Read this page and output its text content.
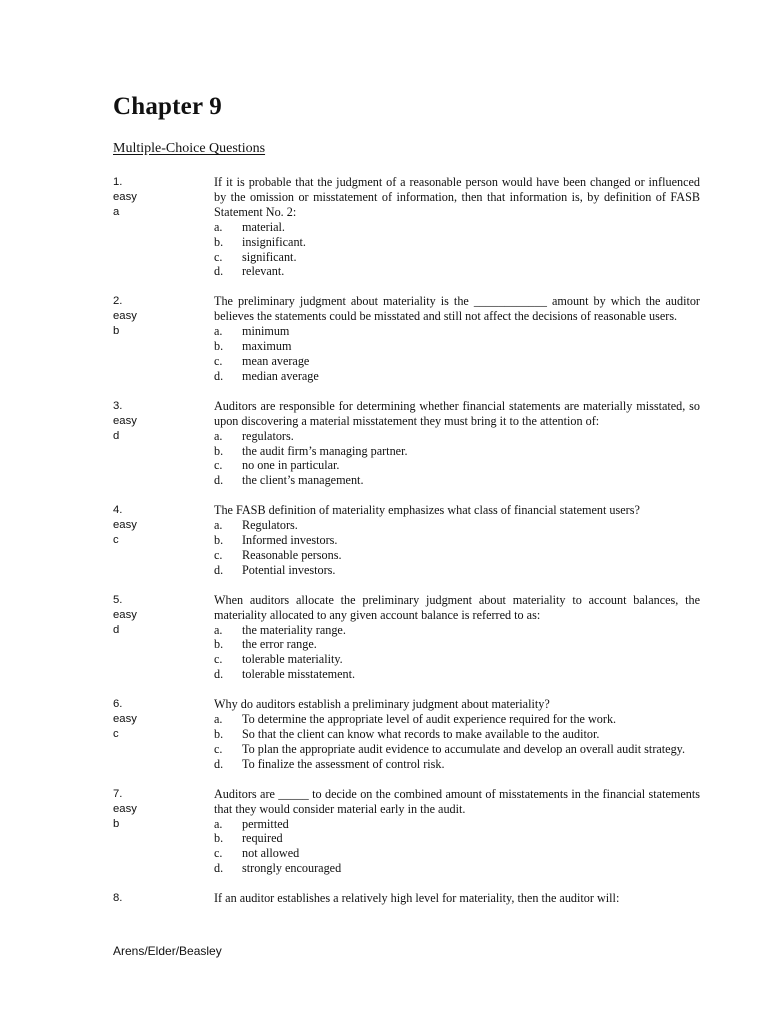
Chapter 9
Multiple-Choice Questions
1.
easy
a
If it is probable that the judgment of a reasonable person would have been changed or influenced by the omission or misstatement of information, then that information is, by definition of FASB Statement No. 2:
a.	material.
b.	insignificant.
c.	significant.
d.	relevant.
2.
easy
b
The preliminary judgment about materiality is the ____________ amount by which the auditor believes the statements could be misstated and still not affect the decisions of reasonable users.
a.	minimum
b.	maximum
c.	mean average
d.	median average
3.
easy
d
Auditors are responsible for determining whether financial statements are materially misstated, so upon discovering a material misstatement they must bring it to the attention of:
a.	regulators.
b.	the audit firm’s managing partner.
c.	no one in particular.
d.	the client’s management.
4.
easy
c
The FASB definition of materiality emphasizes what class of financial statement users?
a.	Regulators.
b.	Informed investors.
c.	Reasonable persons.
d.	Potential investors.
5.
easy
d
When auditors allocate the preliminary judgment about materiality to account balances, the materiality allocated to any given account balance is referred to as:
a.	the materiality range.
b.	the error range.
c.	tolerable materiality.
d.	tolerable misstatement.
6.
easy
c
Why do auditors establish a preliminary judgment about materiality?
a.	To determine the appropriate level of audit experience required for the work.
b.	So that the client can know what records to make available to the auditor.
c.	To plan the appropriate audit evidence to accumulate and develop an overall audit strategy.
d.	To finalize the assessment of control risk.
7.
easy
b
Auditors are _____ to decide on the combined amount of misstatements in the financial statements that they would consider material early in the audit.
a.	permitted
b.	required
c.	not allowed
d.	strongly encouraged
8.	If an auditor establishes a relatively high level for materiality, then the auditor will:
Arens/Elder/Beasley
